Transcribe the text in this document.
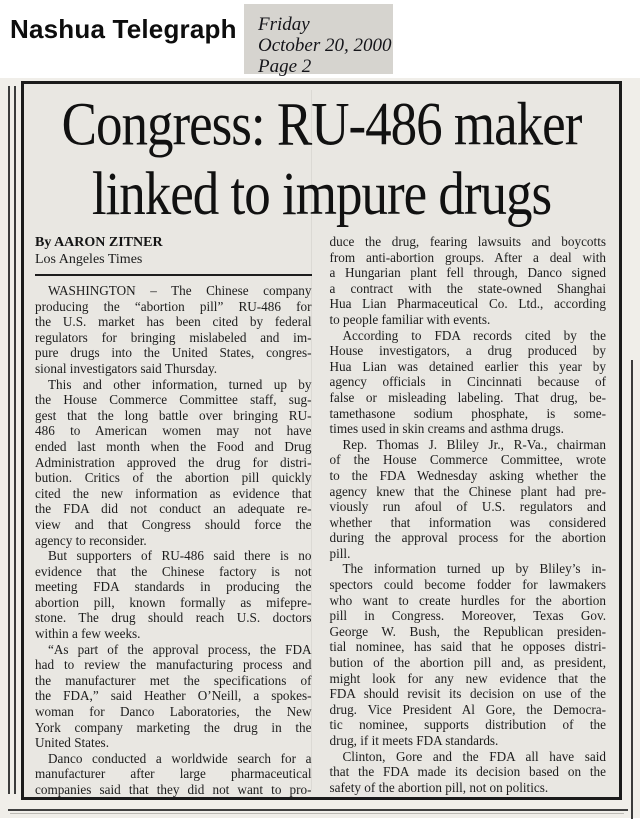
Nashua Telegraph Friday
October 20, 2000
Page 2
Congress: RU-486 maker
linked to impure drugs
By AARON ZITNER
Los Angeles Times
WASHINGTON – The Chinese company
producing the “abortion pill” RU-486 for
the U.S. market has been cited by federal
regulators for bringing mislabeled and im-
pure drugs into the United States, congres-
sional investigators said Thursday.
This and other information, turned up by
the House Commerce Committee staff, sug-
gest that the long battle over bringing RU-
486 to American women may not have
ended last month when the Food and Drug
Administration approved the drug for distri-
bution. Critics of the abortion pill quickly
cited the new information as evidence that
the FDA did not conduct an adequate re-
view and that Congress should force the
agency to reconsider.
But supporters of RU-486 said there is no
evidence that the Chinese factory is not
meeting FDA standards in producing the
abortion pill, known formally as mifepre-
stone. The drug should reach U.S. doctors
within a few weeks.
“As part of the approval process, the FDA
had to review the manufacturing process and
the manufacturer met the specifications of
the FDA,” said Heather O’Neill, a spokes-
woman for Danco Laboratories, the New
York company marketing the drug in the
United States.
Danco conducted a worldwide search for a
manufacturer after large pharmaceutical
companies said that they did not want to pro-
duce the drug, fearing lawsuits and boycotts
from anti-abortion groups. After a deal with
a Hungarian plant fell through, Danco signed
a contract with the state-owned Shanghai
Hua Lian Pharmaceutical Co. Ltd., according
to people familiar with events.
According to FDA records cited by the
House investigators, a drug produced by
Hua Lian was detained earlier this year by
agency officials in Cincinnati because of
false or misleading labeling. That drug, be-
tamethasone sodium phosphate, is some-
times used in skin creams and asthma drugs.
Rep. Thomas J. Bliley Jr., R-Va., chairman
of the House Commerce Committee, wrote
to the FDA Wednesday asking whether the
agency knew that the Chinese plant had pre-
viously run afoul of U.S. regulators and
whether that information was considered
during the approval process for the abortion
pill.
The information turned up by Bliley’s in-
spectors could become fodder for lawmakers
who want to create hurdles for the abortion
pill in Congress. Moreover, Texas Gov.
George W. Bush, the Republican presiden-
tial nominee, has said that he opposes distri-
bution of the abortion pill and, as president,
might look for any new evidence that the
FDA should revisit its decision on use of the
drug. Vice President Al Gore, the Democra-
tic nominee, supports distribution of the
drug, if it meets FDA standards.
Clinton, Gore and the FDA all have said
that the FDA made its decision based on the
safety of the abortion pill, not on politics.
